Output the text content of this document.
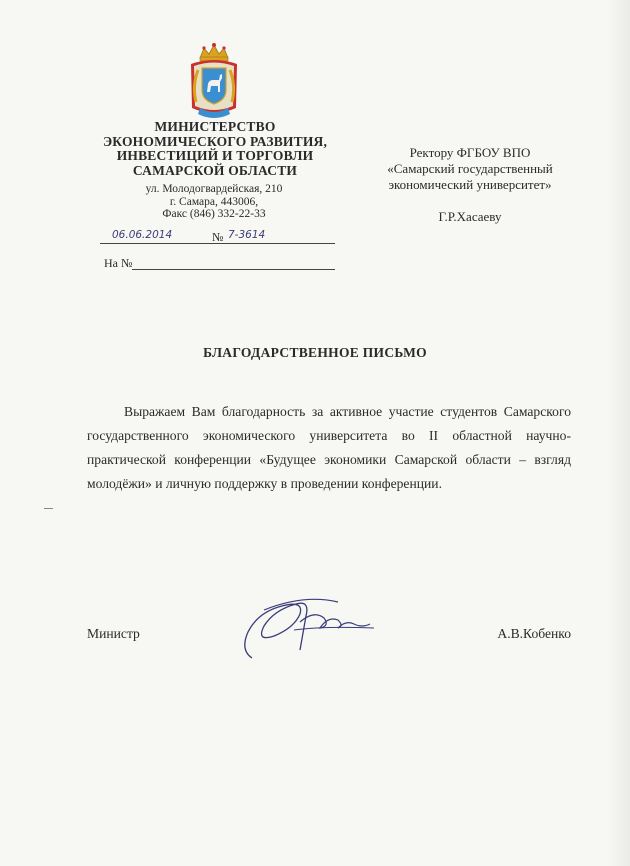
МИНИСТЕРСТВО
ЭКОНОМИЧЕСКОГО РАЗВИТИЯ,
ИНВЕСТИЦИЙ И ТОРГОВЛИ
САМАРСКОЙ ОБЛАСТИ
ул. Молодогвардейская, 210
г. Самара, 443006,
Факс (846) 332-22-33
06.06.2014	№ 7-3614
На №
Ректору ФГБОУ ВПО
«Самарский государственный
экономический университет»
Г.Р.Хасаеву
БЛАГОДАРСТВЕННОЕ ПИСЬМО
Выражаем Вам благодарность за активное участие студентов Самарского государственного экономического университета во II областной научно-практической конференции «Будущее экономики Самарской области – взгляд молодёжи» и личную поддержку в проведении конференции.
Министр	А.В.Кобенко
